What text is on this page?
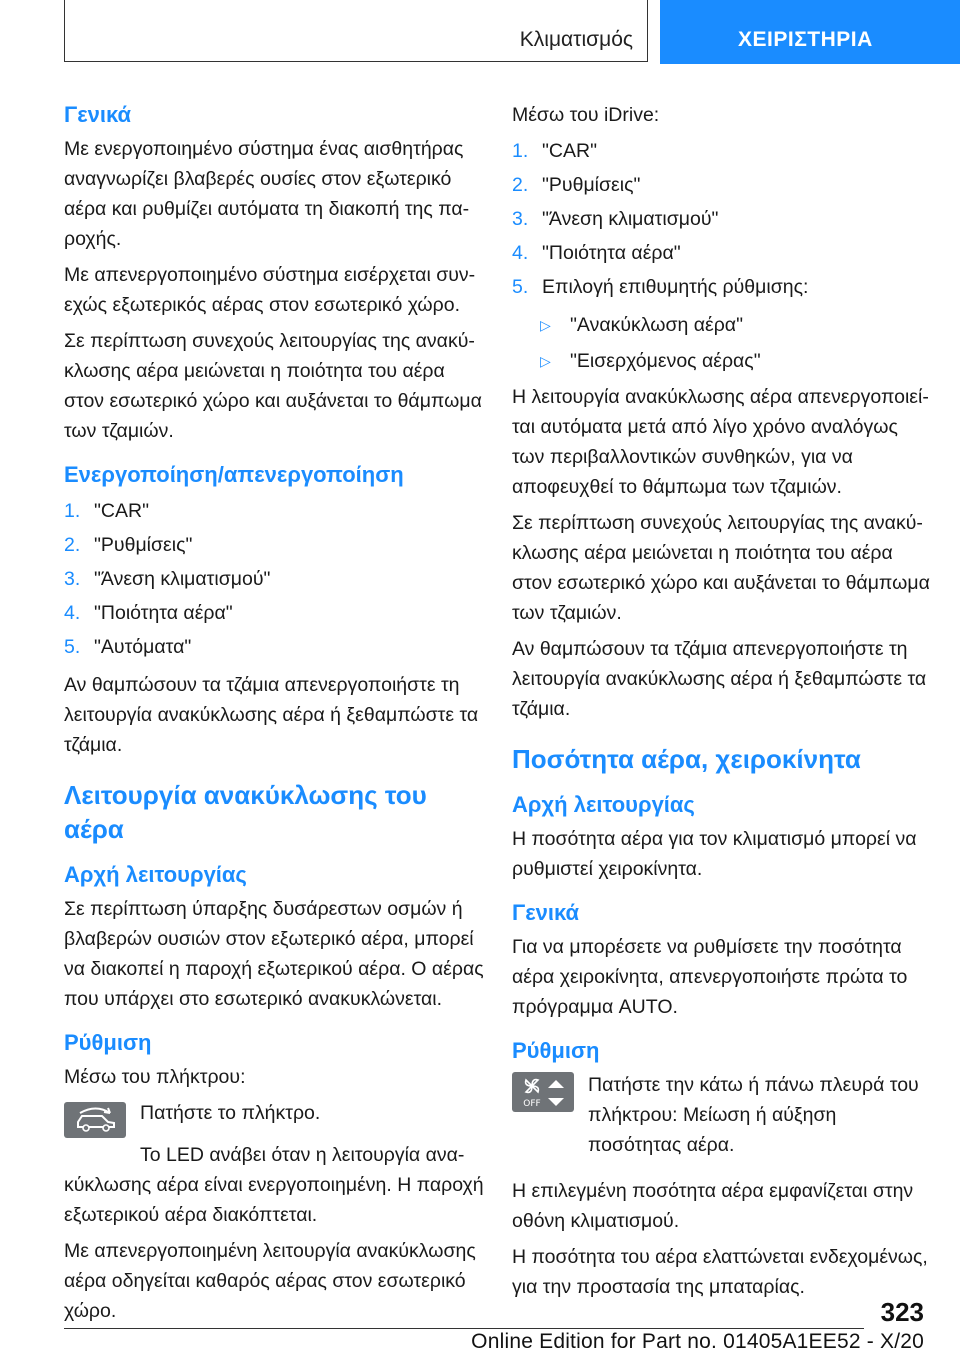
Κλιματισμός	ΧΕΙΡΙΣΤΗΡΙΑ
Γενικά

Με ενεργοποιημένο σύστημα ένας αισθητήρας αναγνωρίζει βλαβερές ουσίες στον εξωτερικό αέρα και ρυθμίζει αυτόματα τη διακοπή της παροχής.

Με απενεργοποιημένο σύστημα εισέρχεται συνεχώς εξωτερικός αέρας στον εσωτερικό χώρο.

Σε περίπτωση συνεχούς λειτουργίας της ανακύκλωσης αέρα μειώνεται η ποιότητα του αέρα στον εσωτερικό χώρο και αυξάνεται το θάμπωμα των τζαμιών.

Ενεργοποίηση/απενεργοποίηση
1. "CAR"
2. "Ρυθμίσεις"
3. "Άνεση κλιματισμού"
4. "Ποιότητα αέρα"
5. "Αυτόματα"

Αν θαμπώσουν τα τζάμια απενεργοποιήστε τη λειτουργία ανακύκλωσης αέρα ή ξεθαμπώστε τα τζάμια.

Λειτουργία ανακύκλωσης του αέρα
Αρχή λειτουργίας

Σε περίπτωση ύπαρξης δυσάρεστων οσμών ή βλαβερών ουσιών στον εξωτερικό αέρα, μπορεί να διακοπεί η παροχή εξωτερικού αέρα. Ο αέρας που υπάρχει στο εσωτερικό ανακυκλώνεται.

Ρύθμιση

Μέσω του πλήκτρου:

Πατήστε το πλήκτρο.

Το LED ανάβει όταν η λειτουργία ανακύκλωσης αέρα είναι ενεργοποιημένη. Η παροχή εξωτερικού αέρα διακόπτεται.

Με απενεργοποιημένη λειτουργία ανακύκλωσης αέρα οδηγείται καθαρός αέρας στον εσωτερικό χώρο.

Μέσω του iDrive:

1. "CAR"
2. "Ρυθμίσεις"
3. "Άνεση κλιματισμού"
4. "Ποιότητα αέρα"
5. Επιλογή επιθυμητής ρύθμισης:
▷ "Ανακύκλωση αέρα"
▷ "Εισερχόμενος αέρας"

Η λειτουργία ανακύκλωσης αέρα απενεργοποιείται αυτόματα μετά από λίγο χρόνο αναλόγως των περιβαλλοντικών συνθηκών, για να αποφευχθεί το θάμπωμα των τζαμιών.

Σε περίπτωση συνεχούς λειτουργίας της ανακύκλωσης αέρα μειώνεται η ποιότητα του αέρα στον εσωτερικό χώρο και αυξάνεται το θάμπωμα των τζαμιών.

Αν θαμπώσουν τα τζάμια απενεργοποιήστε τη λειτουργία ανακύκλωσης αέρα ή ξεθαμπώστε τα τζάμια.

Ποσότητα αέρα, χειροκίνητα
Αρχή λειτουργίας

Η ποσότητα αέρα για τον κλιματισμό μπορεί να ρυθμιστεί χειροκίνητα.

Γενικά

Για να μπορέσετε να ρυθμίσετε την ποσότητα αέρα χειροκίνητα, απενεργοποιήστε πρώτα το πρόγραμμα AUTO.

Ρύθμιση
OFF

Πατήστε την κάτω ή πάνω πλευρά του πλήκτρου: Μείωση ή αύξηση ποσότητας αέρα.

Η επιλεγμένη ποσότητα αέρα εμφανίζεται στην οθόνη κλιματισμού.

Η ποσότητα του αέρα ελαττώνεται ενδεχομένως, για την προστασία της μπαταρίας.

323
Online Edition for Part no. 01405A1EE52 - X/20
